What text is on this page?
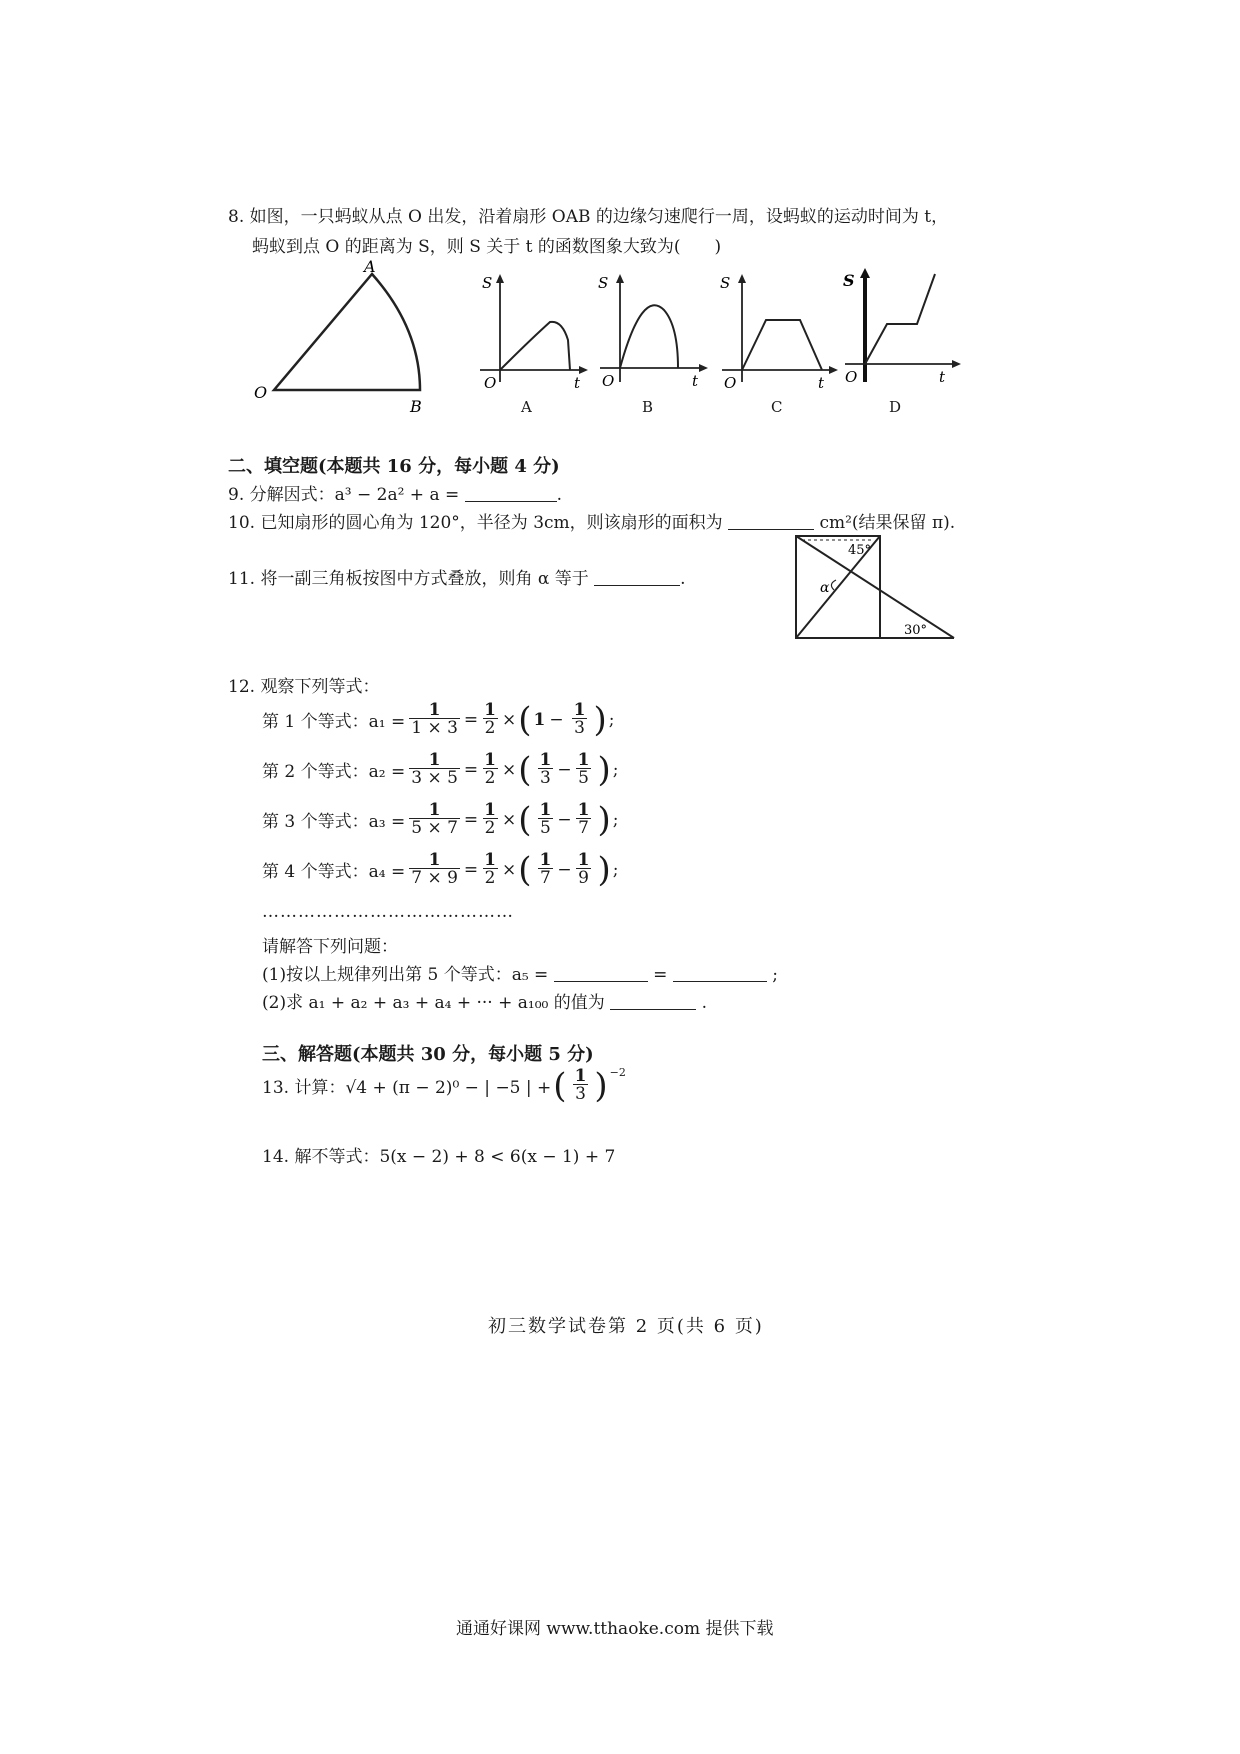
8. 如图，一只蚂蚁从点 O 出发，沿着扇形 OAB 的边缘匀速爬行一周，设蚂蚁的运动时间为 t，
蚂蚁到点 O 的距离为 S，则 S 关于 t 的函数图象大致为(　　)
A
O
B
S
O	t
A
S
O	t
B
S
O	t
C
S
O	t
D
二、填空题(本题共 16 分，每小题 4 分)
9. 分解因式：a³ − 2a² + a =	.
10. 已知扇形的圆心角为 120°，半径为 3cm，则该扇形的面积为	cm²(结果保留 π).
11. 将一副三角板按图中方式叠放，则角 α 等于	.
45°
α
30°
12. 观察下列等式：
第 1 个等式：$a_1 = \frac{1}{1 \times 3} = \frac{1}{2}$ × ( $1 - \frac{1}{3}$ ) ;
第 2 个等式：$a_2 = \frac{1}{3 \times 5} = \frac{1}{2}$ × ( $\frac{1}{3} - \frac{1}{5}$ ) ;
第 3 个等式：$a_3 = \frac{1}{5 \times 7} = \frac{1}{2}$ × ( $\frac{1}{5} - \frac{1}{7}$ ) ;
第 4 个等式：$a_4 = \frac{1}{7 \times 9} = \frac{1}{2}$ × ( $\frac{1}{7} - \frac{1}{9}$ ) ;
……………………………………
请解答下列问题：
(1)按以上规律列出第 5 个等式：a₅ =	=	;
(2)求 a₁ + a₂ + a₃ + a₄ + ··· + a₁₀₀ 的值为	.
三、解答题(本题共 30 分，每小题 5 分)
13. 计算：√4 + (π − 2)⁰ − | −5 | + ( $\frac{1}{3}$ ) −2
14. 解不等式：5(x − 2) + 8 < 6(x − 1) + 7
初三数学试卷第 2 页(共 6 页)
通通好课网 www.tthaoke.com 提供下载
